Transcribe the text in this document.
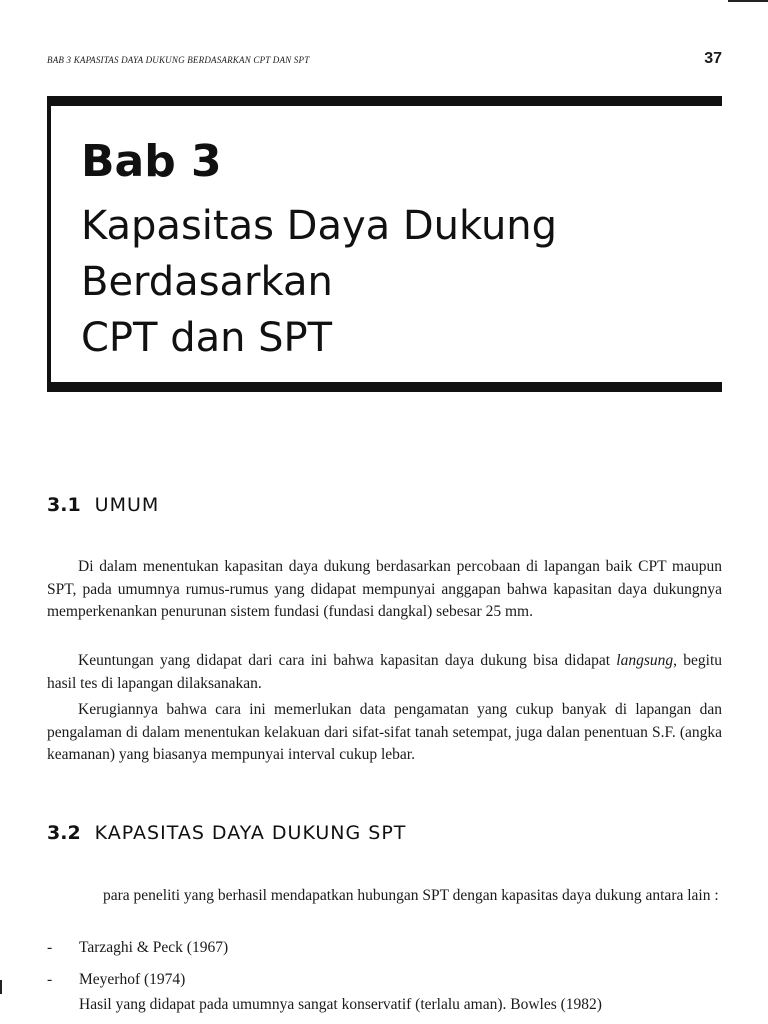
BAB 3 KAPASITAS DAYA DUKUNG BERDASARKAN CPT DAN SPT	37
Bab 3
Kapasitas Daya Dukung
Berdasarkan
CPT dan SPT
3.1 UMUM

Di dalam menentukan kapasitan daya dukung berdasarkan percobaan di lapangan baik CPT maupun SPT, pada umumnya rumus-rumus yang didapat mempunyai anggapan bahwa kapasitan daya dukungnya memperkenankan penurunan sistem fundasi (fundasi dangkal) sebesar 25 mm.

Keuntungan yang didapat dari cara ini bahwa kapasitan daya dukung bisa didapat langsung, begitu hasil tes di lapangan dilaksanakan.

Kerugiannya bahwa cara ini memerlukan data pengamatan yang cukup banyak di lapangan dan pengalaman di dalam menentukan kelakuan dari sifat-sifat tanah setempat, juga dalan penentuan S.F. (angka keamanan) yang biasanya mempunyai interval cukup lebar.

3.2 KAPASITAS DAYA DUKUNG SPT

para peneliti yang berhasil mendapatkan hubungan SPT dengan kapasitas daya dukung antara lain :

-	Tarzaghi & Peck (1967)
-	Meyerhof (1974)

Hasil yang didapat pada umumnya sangat konservatif (terlalu aman). Bowles (1982)
